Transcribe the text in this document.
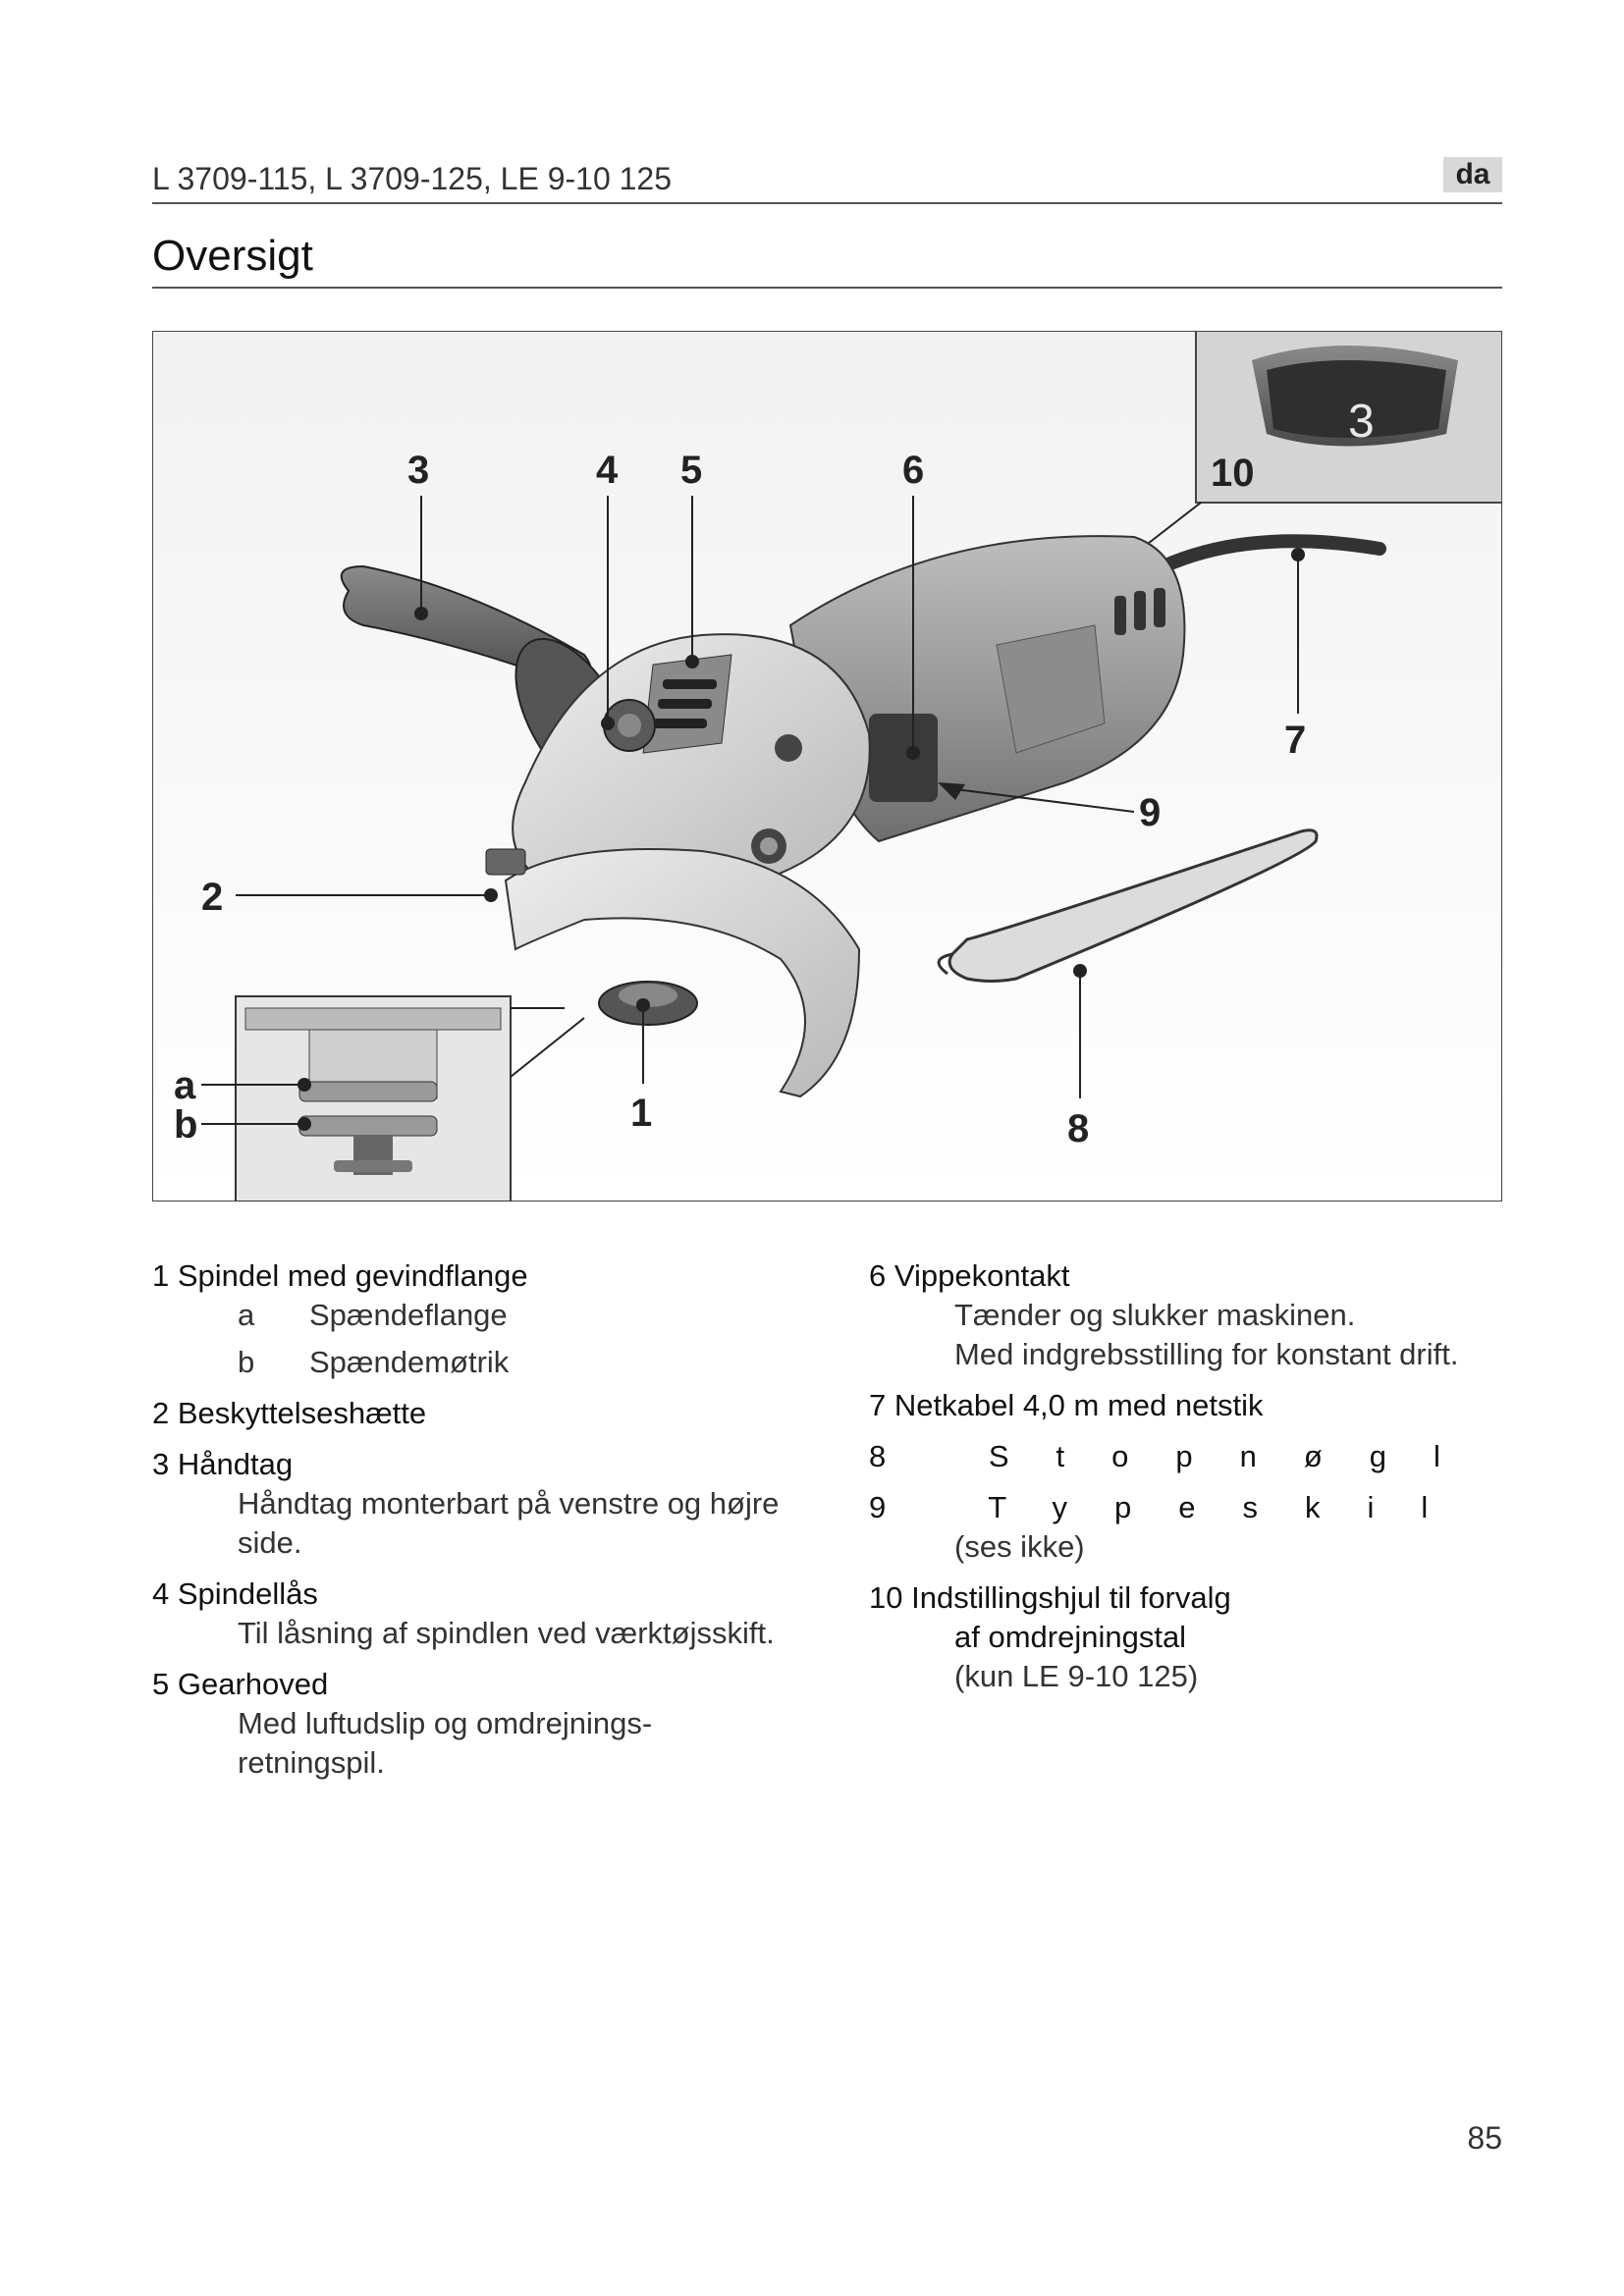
L 3709-115, L 3709-125, LE 9-10 125	da
Oversigt
3
3	4 5	6	10
7
9
2
1	8
a
b
1 Spindel med gevindflange
a	Spændeflange
b	Spændemøtrik
2 Beskyttelseshætte
3 Håndtag
Håndtag monterbart på venstre og højre
side.
4 Spindellås
Til låsning af spindlen ved værktøjsskift.
5 Gearhoved
Med luftudslip og omdrejnings-
retningspil.
6 Vippekontakt
Tænder og slukker maskinen.
Med indgrebsstilling for konstant drift.
7 Netkabel 4,0 m med netstik
8 Stopnøgl
9 Typeskil
(ses ikke)
10 Indstillingshjul til forvalg
af omdrejningstal
(kun LE 9-10 125)
85
